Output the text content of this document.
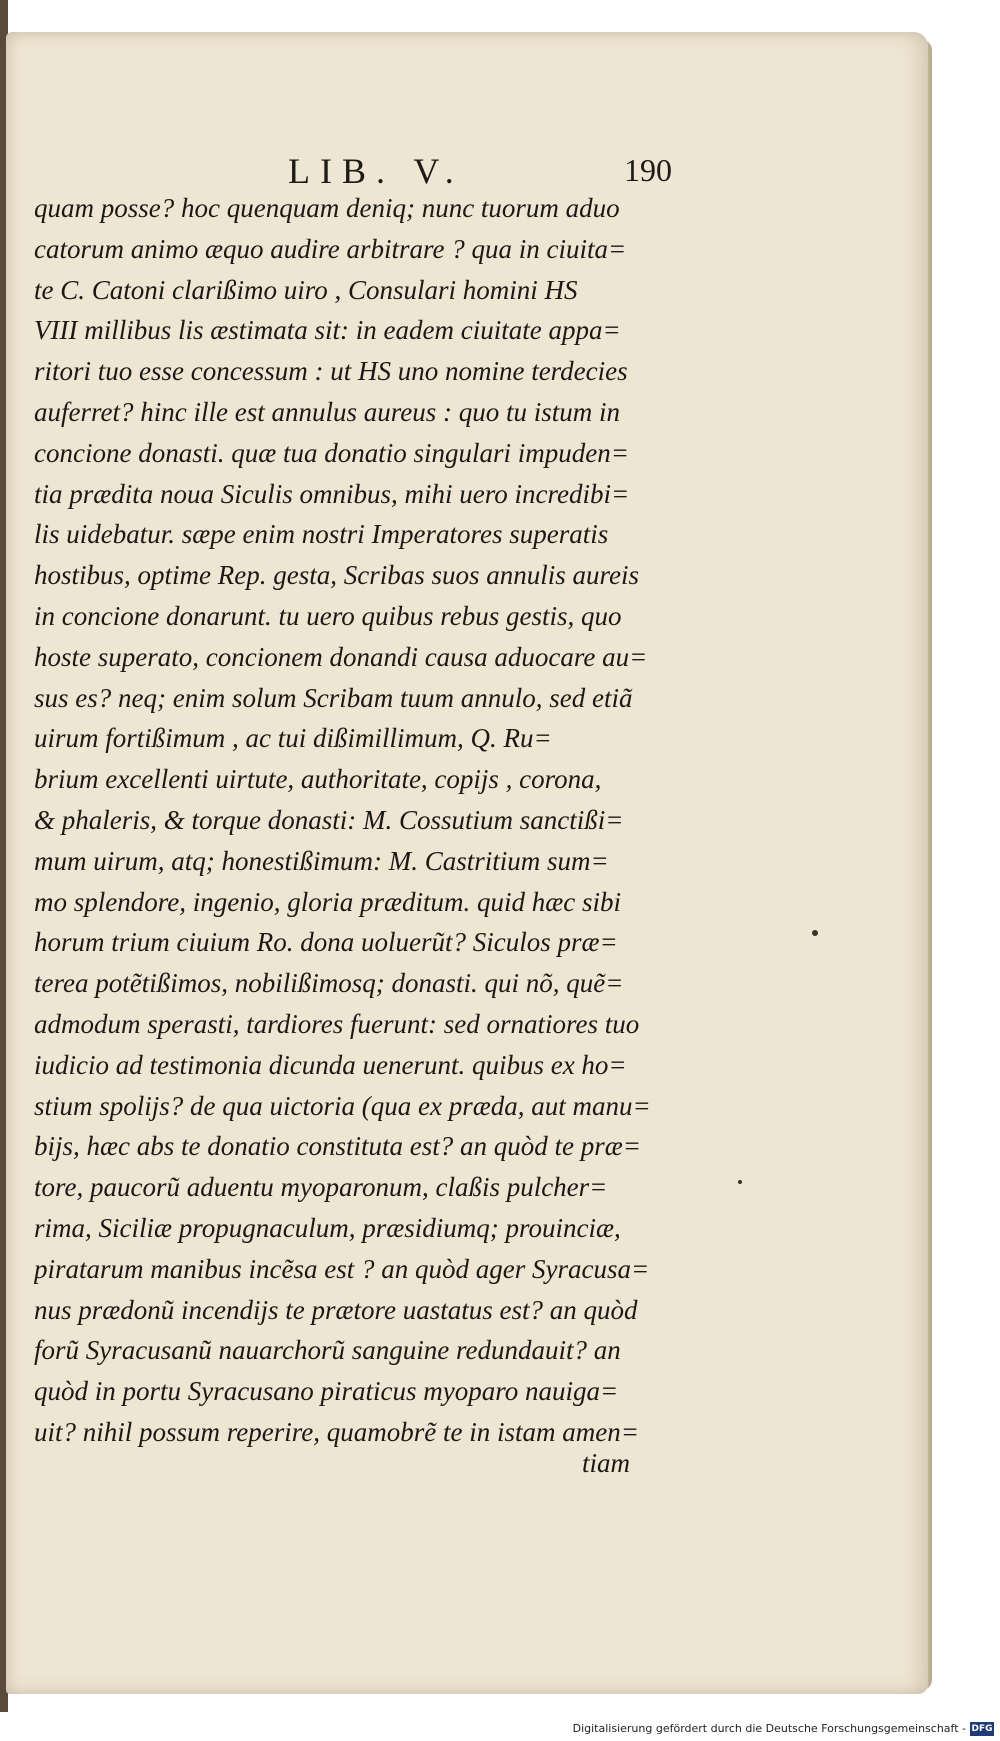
LIB. V.	190
quam posse? hoc quenquam deniq; nunc tuorum aduo
catorum animo æquo audire arbitrare ? qua in ciuita=
te C. Catoni clarißimo uiro , Consulari homini HS
VIII millibus lis æstimata sit: in eadem ciuitate appa=
ritori tuo esse concessum : ut HS uno nomine terdecies
auferret? hinc ille est annulus aureus : quo tu istum in
concione donasti. quæ tua donatio singulari impuden=
tia prædita noua Siculis omnibus, mihi uero incredibi=
lis uidebatur. sæpe enim nostri Imperatores superatis
hostibus, optime Rep. gesta, Scribas suos annulis aureis
in concione donarunt. tu uero quibus rebus gestis, quo
hoste superato, concionem donandi causa aduocare au=
sus es? neq; enim solum Scribam tuum annulo, sed etiã
uirum fortißimum , ac tui dißimillimum, Q. Ru=
brium excellenti uirtute, authoritate, copijs , corona,
& phaleris, & torque donasti: M. Cossutium sanctißi=
mum uirum, atq; honestißimum: M. Castritium sum=
mo splendore, ingenio, gloria præditum. quid hæc sibi
horum trium ciuium Ro. dona uoluerũt? Siculos præ=
terea potẽtißimos, nobilißimosq; donasti. qui nõ, quẽ=
admodum sperasti, tardiores fuerunt: sed ornatiores tuo
iudicio ad testimonia dicunda uenerunt. quibus ex ho=
stium spolijs? de qua uictoria (qua ex præda, aut manu=
bijs, hæc abs te donatio constituta est? an quòd te præ=
tore, paucorũ aduentu myoparonum, claßis pulcher=
rima, Siciliæ propugnaculum, præsidiumq; prouinciæ,
piratarum manibus incẽsa est ? an quòd ager Syracusa=
nus prædonũ incendijs te prætore uastatus est? an quòd
forũ Syracusanũ nauarchorũ sanguine redundauit? an
quòd in portu Syracusano piraticus myoparo nauiga=
uit? nihil possum reperire, quamobrẽ te in istam amen=
tiam
Digitalisierung gefördert durch die Deutsche Forschungsgemeinschaft - DFG
